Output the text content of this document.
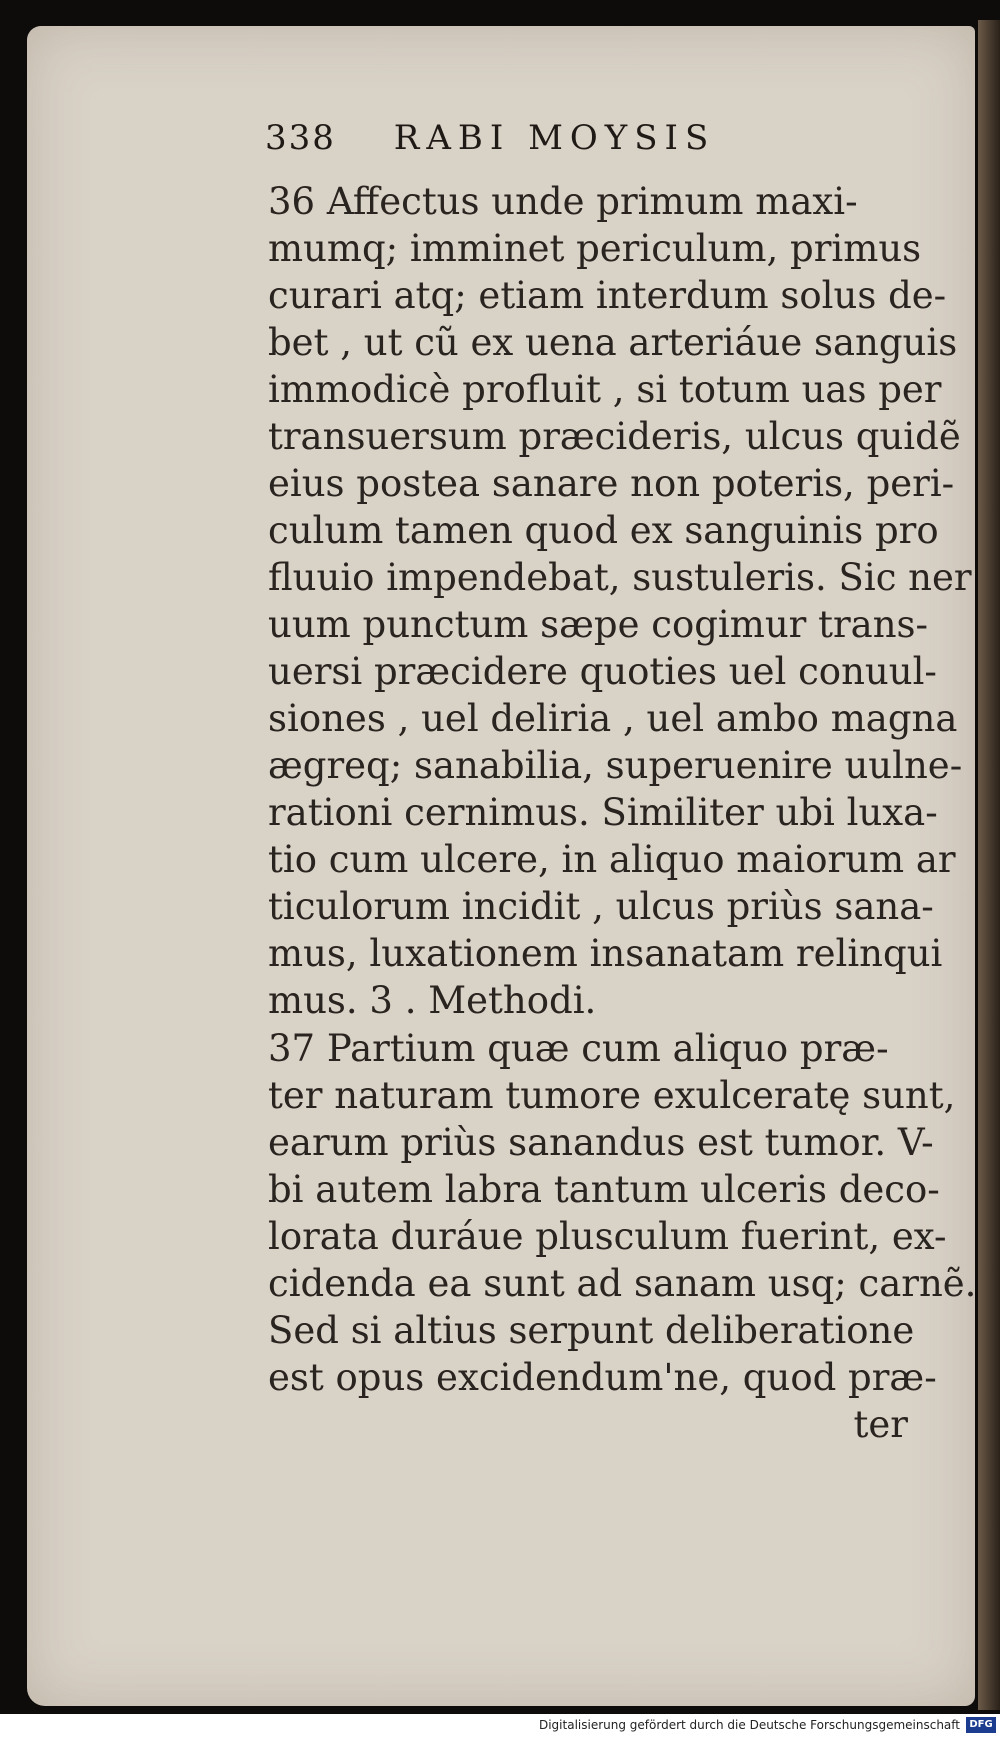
338 RABI MOYSIS
36 Affectus unde primum maxi-
mumq; imminet periculum, primus
curari atq; etiam interdum solus de-
bet , ut cũ ex uena arteriáue sanguis
immodicè profluit , si totum uas per
transuersum præcideris, ulcus quidẽ
eius postea sanare non poteris, peri-
culum tamen quod ex sanguinis pro
fluuio impendebat, sustuleris. Sic ner
uum punctum sæpe cogimur trans-
uersi præcidere quoties uel conuul-
siones , uel deliria , uel ambo magna
ægreq; sanabilia, superuenire uulne-
rationi cernimus. Similiter ubi luxa-
tio cum ulcere, in aliquo maiorum ar
ticulorum incidit , ulcus priùs sana-
mus, luxationem insanatam relinqui
mus. 3 . Methodi.
37 Partium quæ cum aliquo præ-
ter naturam tumore exulceratę sunt,
earum priùs sanandus est tumor. V-
bi autem labra tantum ulceris deco-
lorata duráue plusculum fuerint, ex-
cidenda ea sunt ad sanam usq; carnẽ.
Sed si altius serpunt deliberatione
est opus excidendum'ne, quod præ-
ter
Digitalisierung gefördert durch die Deutsche Forschungsgemeinschaft DFG
